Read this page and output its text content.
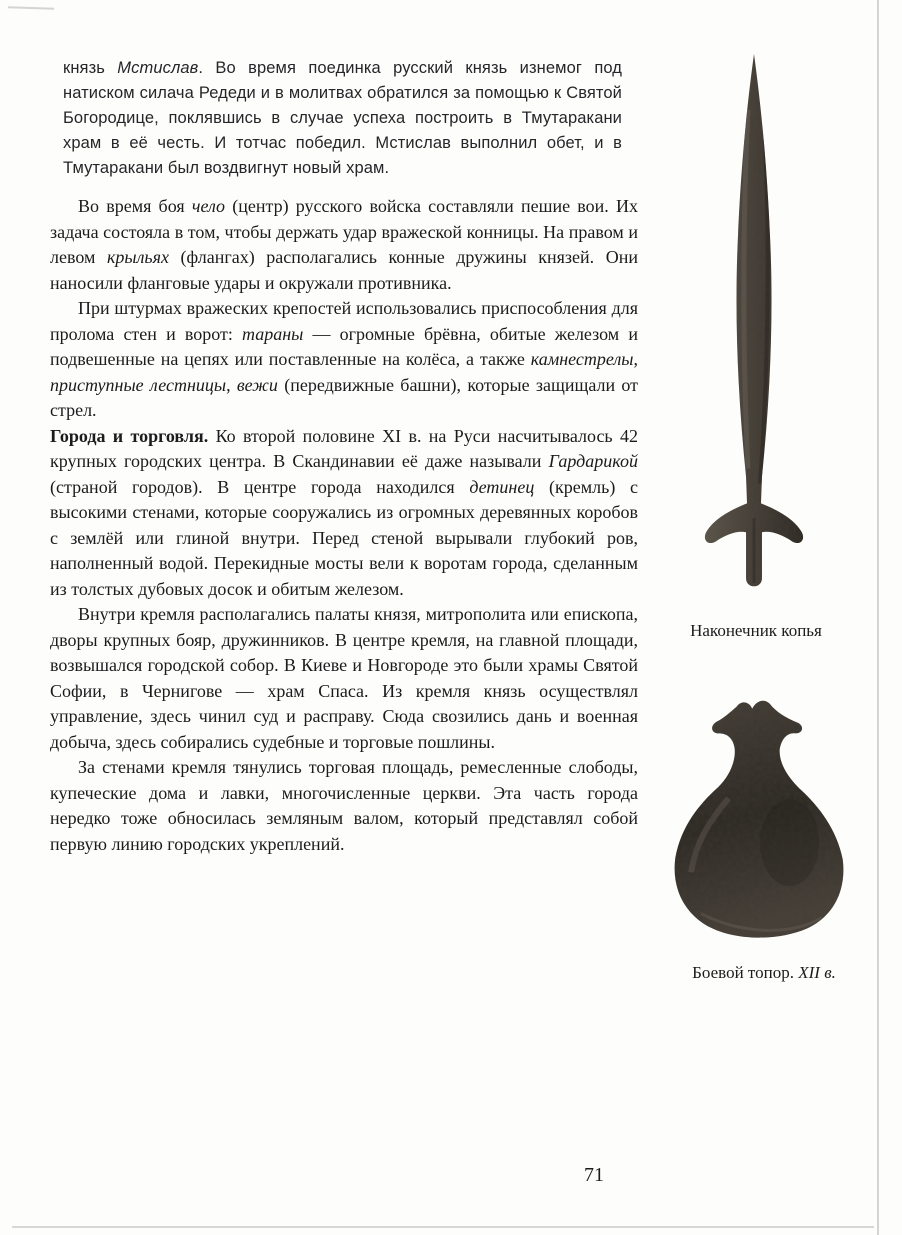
князь Мстислав. Во время поединка русский князь изнемог под натиском силача Редеди и в молитвах обратился за помощью к Святой Богородице, поклявшись в случае успеха построить в Тмутаракани храм в её честь. И тотчас победил. Мстислав выполнил обет, и в Тмутаракани был воздвигнут новый храм.

Во время боя чело (центр) русского войска составляли пешие вои. Их задача состояла в том, чтобы держать удар вражеской конницы. На правом и левом крыльях (флангах) располагались конные дружины князей. Они наносили фланговые удары и окружали противника.

При штурмах вражеских крепостей использовались приспособления для пролома стен и ворот: тараны — огромные брёвна, обитые железом и подвешенные на цепях или поставленные на колёса, а также камнестрелы, приступные лестницы, вежи (передвижные башни), которые защищали от стрел.

Города и торговля. Ко второй половине XI в. на Руси насчитывалось 42 крупных городских центра. В Скандинавии её даже называли Гардарикой (страной городов). В центре города находился детинец (кремль) с высокими стенами, которые сооружались из огромных деревянных коробов с землёй или глиной внутри. Перед стеной вырывали глубокий ров, наполненный водой. Перекидные мосты вели к воротам города, сделанным из толстых дубовых досок и обитым железом.

Внутри кремля располагались палаты князя, митрополита или епископа, дворы крупных бояр, дружинников. В центре кремля, на главной площади, возвышался городской собор. В Киеве и Новгороде это были храмы Святой Софии, в Чернигове — храм Спаса. Из кремля князь осуществлял управление, здесь чинил суд и расправу. Сюда свозились дань и военная добыча, здесь собирались судебные и торговые пошлины.

За стенами кремля тянулись торговая площадь, ремесленные слободы, купеческие дома и лавки, многочисленные церкви. Эта часть города нередко тоже обносилась земляным валом, который представлял собой первую линию городских укреплений.

Наконечник копья
Боевой топор. XII в.
71
